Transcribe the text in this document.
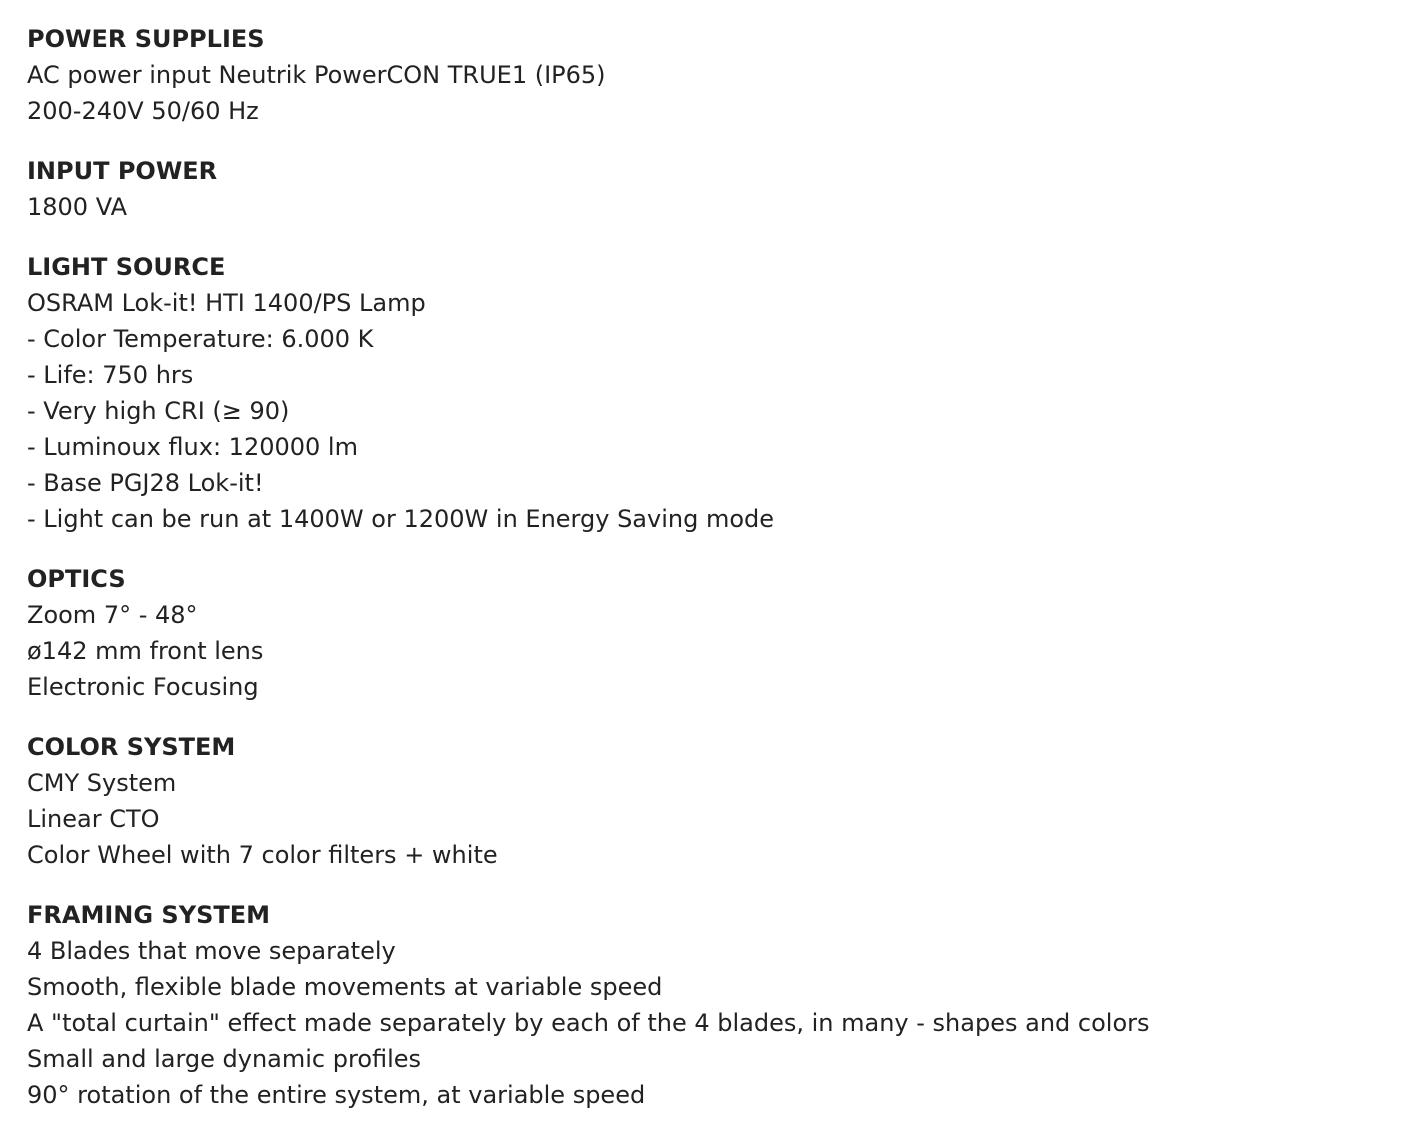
POWER SUPPLIES

AC power input Neutrik PowerCON TRUE1 (IP65)

200-240V 50/60 Hz

INPUT POWER

1800 VA

LIGHT SOURCE

OSRAM Lok-it! HTI 1400/PS Lamp

- Color Temperature: 6.000 K

- Life: 750 hrs

- Very high CRI (≥ 90)

- Luminoux flux: 120000 lm

- Base PGJ28 Lok-it!

- Light can be run at 1400W or 1200W in Energy Saving mode

OPTICS

Zoom 7° - 48°

ø142 mm front lens

Electronic Focusing

COLOR SYSTEM

CMY System

Linear CTO

Color Wheel with 7 color filters + white

FRAMING SYSTEM

4 Blades that move separately

Smooth, flexible blade movements at variable speed

A "total curtain" effect made separately by each of the 4 blades, in many - shapes and colors

Small and large dynamic profiles

90° rotation of the entire system, at variable speed
